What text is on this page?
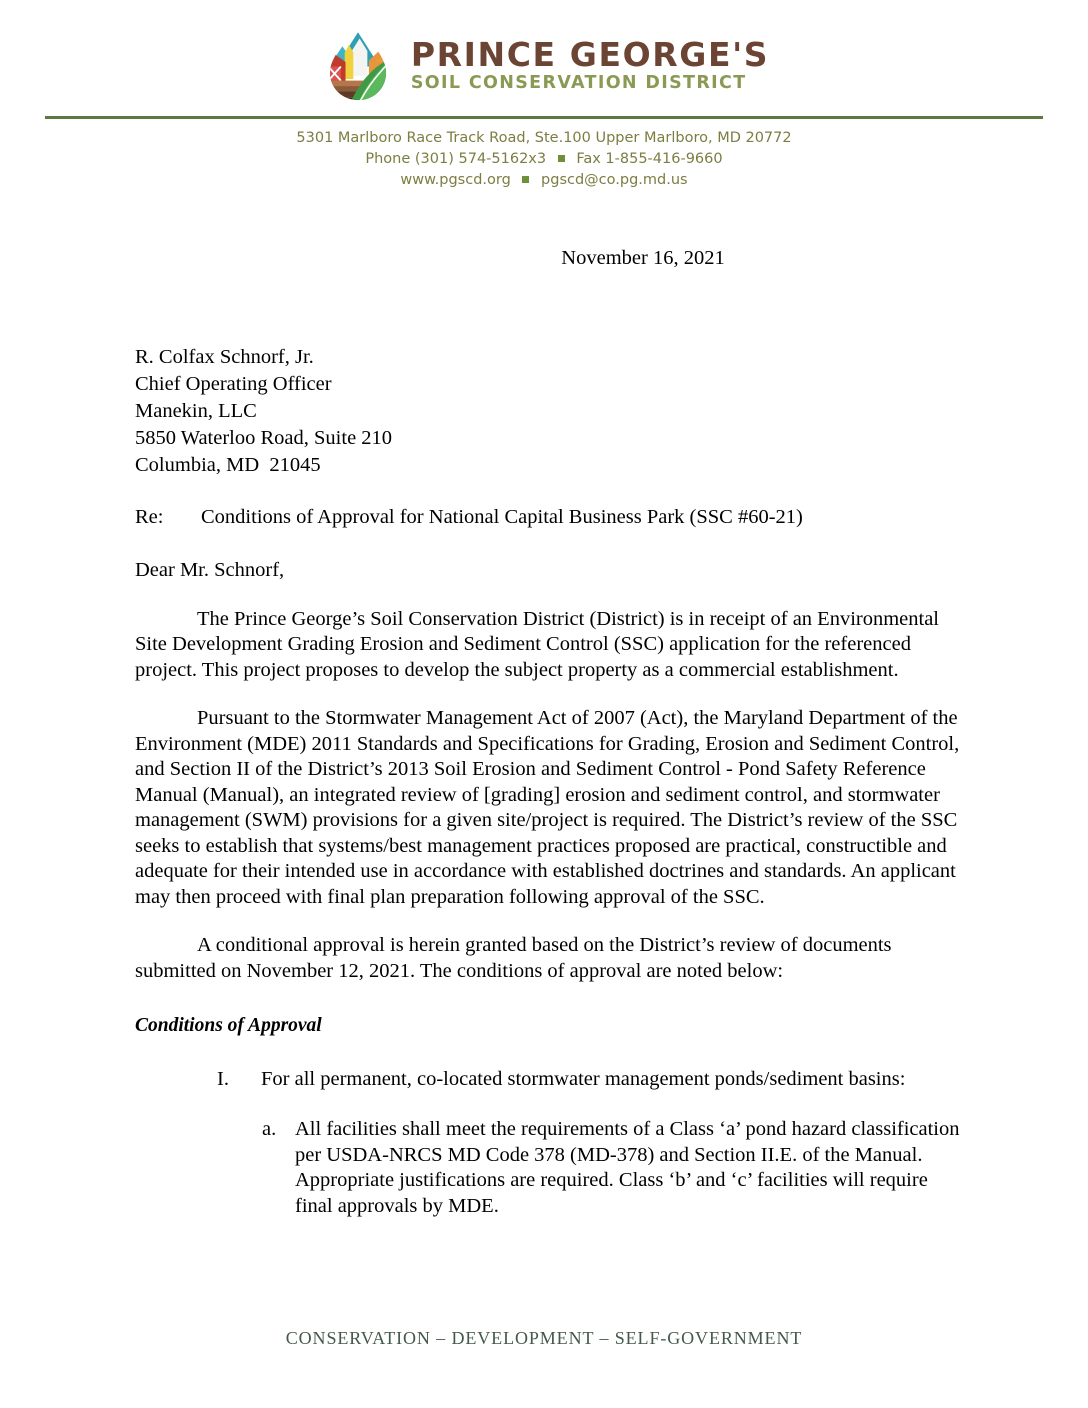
PRINCE GEORGE'S
SOIL CONSERVATION DISTRICT
5301 Marlboro Race Track Road, Ste.100 Upper Marlboro, MD 20772
Phone (301) 574-5162x3 Fax 1-855-416-9660
www.pgscd.org pgscd@co.pg.md.us
November 16, 2021
R. Colfax Schnorf, Jr.
Chief Operating Officer
Manekin, LLC
5850 Waterloo Road, Suite 210
Columbia, MD  21045
Re:	Conditions of Approval for National Capital Business Park (SSC #60-21)
Dear Mr. Schnorf,
The Prince George’s Soil Conservation District (District) is in receipt of an Environmental Site Development Grading Erosion and Sediment Control (SSC) application for the referenced project. This project proposes to develop the subject property as a commercial establishment.
Pursuant to the Stormwater Management Act of 2007 (Act), the Maryland Department of the Environment (MDE) 2011 Standards and Specifications for Grading, Erosion and Sediment Control, and Section II of the District’s 2013 Soil Erosion and Sediment Control - Pond Safety Reference Manual (Manual), an integrated review of [grading] erosion and sediment control, and stormwater management (SWM) provisions for a given site/project is required. The District’s review of the SSC seeks to establish that systems/best management practices proposed are practical, constructible and adequate for their intended use in accordance with established doctrines and standards. An applicant may then proceed with final plan preparation following approval of the SSC.
A conditional approval is herein granted based on the District’s review of documents submitted on November 12, 2021. The conditions of approval are noted below:
Conditions of Approval
I.	For all permanent, co-located stormwater management ponds/sediment basins:
a. All facilities shall meet the requirements of a Class ‘a’ pond hazard classification per USDA-NRCS MD Code 378 (MD-378) and Section II.E. of the Manual. Appropriate justifications are required. Class ‘b’ and ‘c’ facilities will require final approvals by MDE.
CONSERVATION – DEVELOPMENT – SELF-GOVERNMENT
